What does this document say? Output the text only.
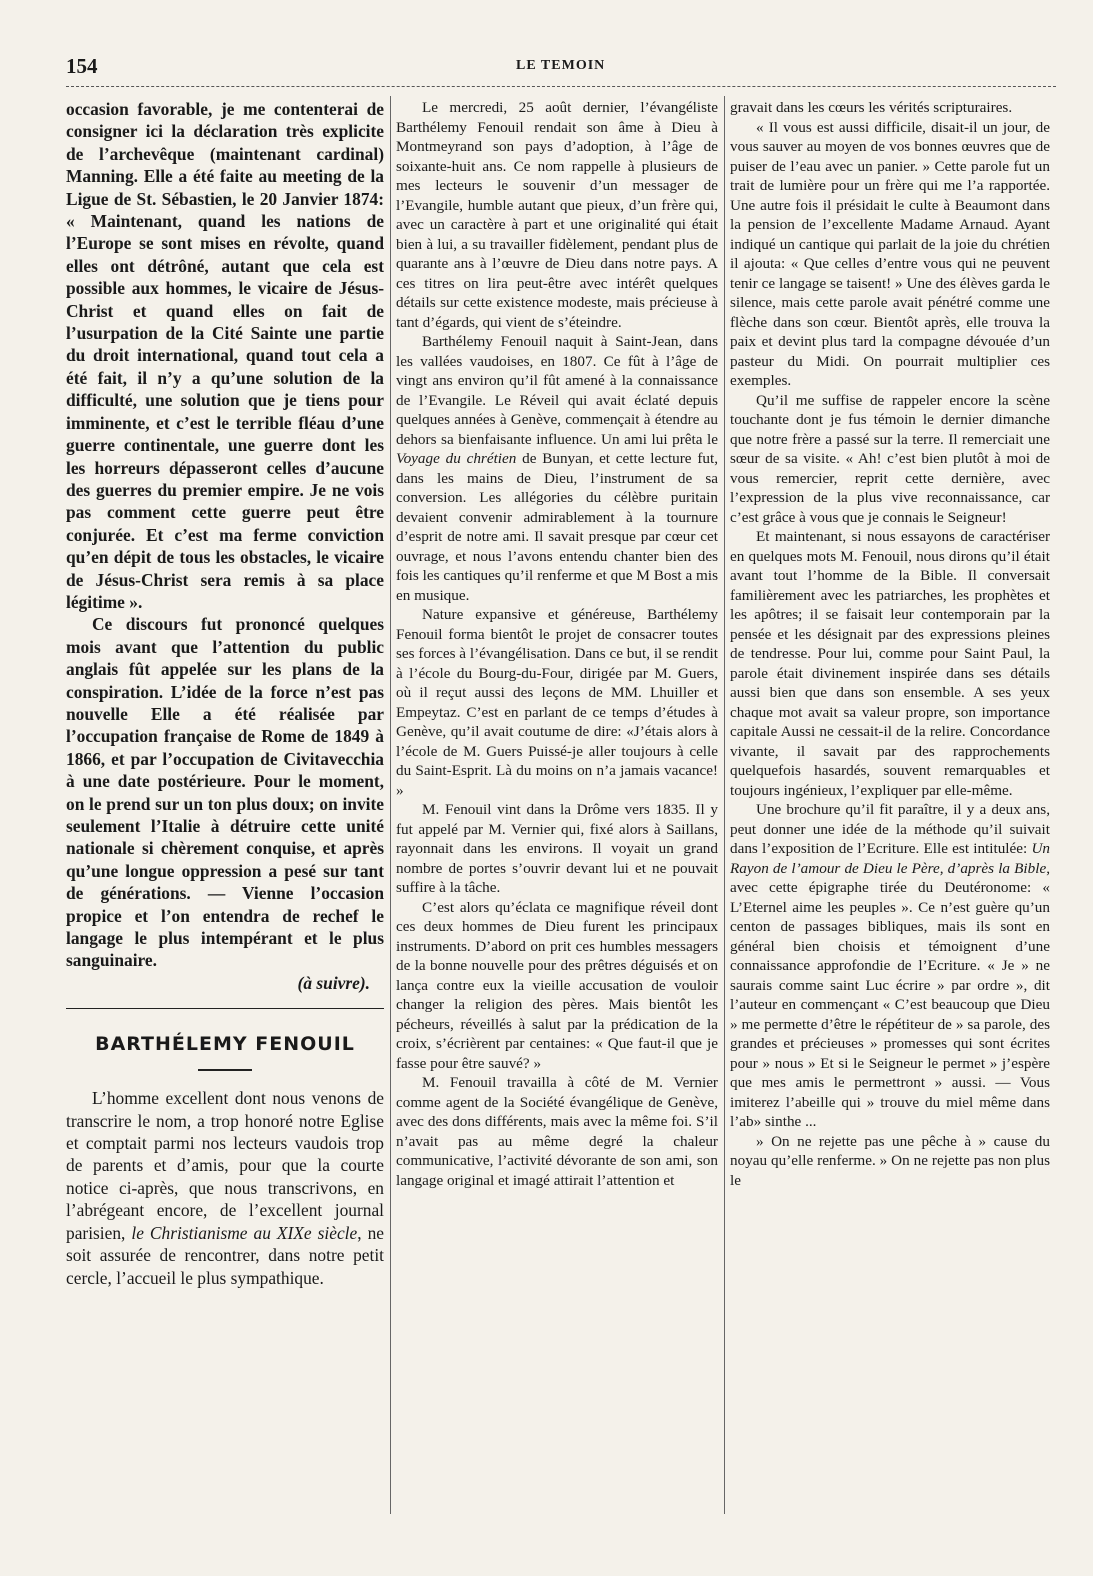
154	LE TEMOIN

occasion favorable, je me contenterai de consigner ici la déclaration très explicite de l’archevêque (maintenant cardinal) Manning. Elle a été faite au meeting de la Ligue de St. Sébastien, le 20 Janvier 1874: « Maintenant, quand les nations de l’Europe se sont mises en révolte, quand elles ont détrôné, autant que cela est possible aux hommes, le vicaire de Jésus-Christ et quand elles on fait de l’usurpation de la Cité Sainte une partie du droit international, quand tout cela a été fait, il n’y a qu’une solution de la difficulté, une solution que je tiens pour imminente, et c’est le terrible fléau d’une guerre continentale, une guerre dont les les horreurs dépasseront celles d’aucune des guerres du premier empire. Je ne vois pas comment cette guerre peut être conjurée. Et c’est ma ferme conviction qu’en dépit de tous les obstacles, le vicaire de Jésus-Christ sera remis à sa place légitime ».

Ce discours fut prononcé quelques mois avant que l’attention du public anglais fût appelée sur les plans de la conspiration. L’idée de la force n’est pas nouvelle Elle a été réalisée par l’occupation française de Rome de 1849 à 1866, et par l’occupation de Civitavecchia à une date postérieure. Pour le moment, on le prend sur un ton plus doux; on invite seulement l’Italie à détruire cette unité nationale si chèrement conquise, et après qu’une longue oppression a pesé sur tant de générations. — Vienne l’occasion propice et l’on entendra de rechef le langage le plus intempérant et le plus sanguinaire.

(à suivre).

BARTHÉLEMY FENOUIL

L’homme excellent dont nous venons de transcrire le nom, a trop honoré notre Eglise et comptait parmi nos lecteurs vaudois trop de parents et d’amis, pour que la courte notice ci-après, que nous transcrivons, en l’abrégeant encore, de l’excellent journal parisien, le Christianisme au XIXe siècle, ne soit assurée de rencontrer, dans notre petit cercle, l’accueil le plus sympathique.

Le mercredi, 25 août dernier, l’évangéliste Barthélemy Fenouil rendait son âme à Dieu à Montmeyrand son pays d’adoption, à l’âge de soixante-huit ans. Ce nom rappelle à plusieurs de mes lecteurs le souvenir d’un messager de l’Evangile, humble autant que pieux, d’un frère qui, avec un caractère à part et une originalité qui était bien à lui, a su travailler fidèlement, pendant plus de quarante ans à l’œuvre de Dieu dans notre pays. A ces titres on lira peut-être avec intérêt quelques détails sur cette existence modeste, mais précieuse à tant d’égards, qui vient de s’éteindre.

Barthélemy Fenouil naquit à Saint-Jean, dans les vallées vaudoises, en 1807. Ce fût à l’âge de vingt ans environ qu’il fût amené à la connaissance de l’Evangile. Le Réveil qui avait éclaté depuis quelques années à Genève, commençait à étendre au dehors sa bienfaisante influence. Un ami lui prêta le Voyage du chrétien de Bunyan, et cette lecture fut, dans les mains de Dieu, l’instrument de sa conversion. Les allégories du célèbre puritain devaient convenir admirablement à la tournure d’esprit de notre ami. Il savait presque par cœur cet ouvrage, et nous l’avons entendu chanter bien des fois les cantiques qu’il renferme et que M Bost a mis en musique.

Nature expansive et généreuse, Barthélemy Fenouil forma bientôt le projet de consacrer toutes ses forces à l’évangélisation. Dans ce but, il se rendit à l’école du Bourg-du-Four, dirigée par M. Guers, où il reçut aussi des leçons de MM. Lhuiller et Empeytaz. C’est en parlant de ce temps d’études à Genève, qu’il avait coutume de dire: «J’étais alors à l’école de M. Guers Puissé-je aller toujours à celle du Saint-Esprit. Là du moins on n’a jamais vacance! »

M. Fenouil vint dans la Drôme vers 1835. Il y fut appelé par M. Vernier qui, fixé alors à Saillans, rayonnait dans les environs. Il voyait un grand nombre de portes s’ouvrir devant lui et ne pouvait suffire à la tâche.

C’est alors qu’éclata ce magnifique réveil dont ces deux hommes de Dieu furent les principaux instruments. D’abord on prit ces humbles messagers de la bonne nouvelle pour des prêtres déguisés et on lança contre eux la vieille accusation de vouloir changer la religion des pères. Mais bientôt les pécheurs, réveillés à salut par la prédication de la croix, s’écrièrent par centaines: « Que faut-il que je fasse pour être sauvé? »

M. Fenouil travailla à côté de M. Vernier comme agent de la Société évangélique de Genève, avec des dons différents, mais avec la même foi. S’il n’avait pas au même degré la chaleur communicative, l’activité dévorante de son ami, son langage original et imagé attirait l’attention et

gravait dans les cœurs les vérités scripturaires.

« Il vous est aussi difficile, disait-il un jour, de vous sauver au moyen de vos bonnes œuvres que de puiser de l’eau avec un panier. » Cette parole fut un trait de lumière pour un frère qui me l’a rapportée. Une autre fois il présidait le culte à Beaumont dans la pension de l’excellente Madame Arnaud. Ayant indiqué un cantique qui parlait de la joie du chrétien il ajouta: « Que celles d’entre vous qui ne peuvent tenir ce langage se taisent! » Une des élèves garda le silence, mais cette parole avait pénétré comme une flèche dans son cœur. Bientôt après, elle trouva la paix et devint plus tard la compagne dévouée d’un pasteur du Midi. On pourrait multiplier ces exemples.

Qu’il me suffise de rappeler encore la scène touchante dont je fus témoin le dernier dimanche que notre frère a passé sur la terre. Il remerciait une sœur de sa visite. « Ah! c’est bien plutôt à moi de vous remercier, reprit cette dernière, avec l’expression de la plus vive reconnaissance, car c’est grâce à vous que je connais le Seigneur!

Et maintenant, si nous essayons de caractériser en quelques mots M. Fenouil, nous dirons qu’il était avant tout l’homme de la Bible. Il conversait familièrement avec les patriarches, les prophètes et les apôtres; il se faisait leur contemporain par la pensée et les désignait par des expressions pleines de tendresse. Pour lui, comme pour Saint Paul, la parole était divinement inspirée dans ses détails aussi bien que dans son ensemble. A ses yeux chaque mot avait sa valeur propre, son importance capitale Aussi ne cessait-il de la relire. Concordance vivante, il savait par des rapprochements quelquefois hasardés, souvent remarquables et toujours ingénieux, l’expliquer par elle-même.

Une brochure qu’il fit paraître, il y a deux ans, peut donner une idée de la méthode qu’il suivait dans l’exposition de l’Ecriture. Elle est intitulée: Un Rayon de l’amour de Dieu le Père, d’après la Bible, avec cette épigraphe tirée du Deutéronome: « L’Eternel aime les peuples ». Ce n’est guère qu’un centon de passages bibliques, mais ils sont en général bien choisis et témoignent d’une connaissance approfondie de l’Ecriture. « Je » ne saurais comme saint Luc écrire » par ordre », dit l’auteur en commençant « C’est beaucoup que Dieu » me permette d’être le répétiteur de » sa parole, des grandes et précieuses » promesses qui sont écrites pour » nous » Et si le Seigneur le permet » j’espère que mes amis le permettront » aussi. — Vous imiterez l’abeille qui » trouve du miel même dans l’ab» sinthe ...

» On ne rejette pas une pêche à » cause du noyau qu’elle renferme. » On ne rejette pas non plus le
